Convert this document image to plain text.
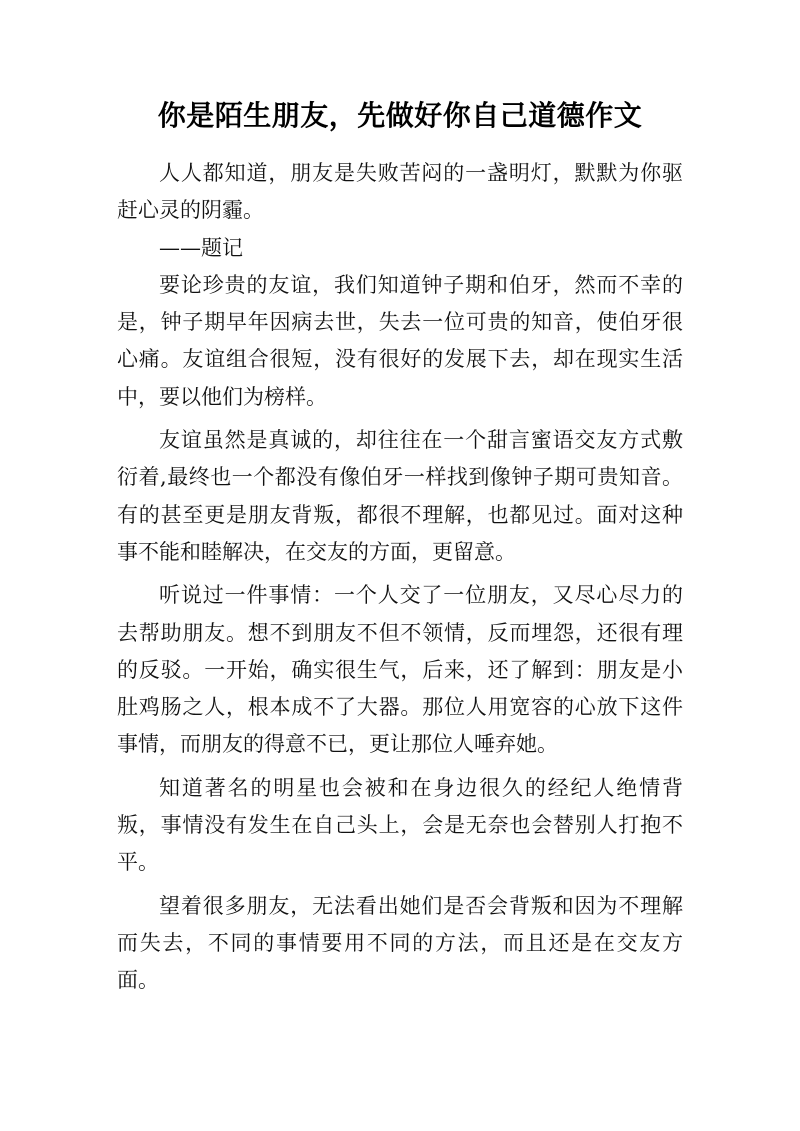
你是陌生朋友，先做好你自己道德作文

人人都知道，朋友是失败苦闷的一盏明灯，默默为你驱赶心灵的阴霾。

——题记

要论珍贵的友谊，我们知道钟子期和伯牙，然而不幸的是，钟子期早年因病去世，失去一位可贵的知音，使伯牙很心痛。友谊组合很短，没有很好的发展下去，却在现实生活中，要以他们为榜样。

友谊虽然是真诚的，却往往在一个甜言蜜语交友方式敷衍着,最终也一个都没有像伯牙一样找到像钟子期可贵知音。有的甚至更是朋友背叛，都很不理解，也都见过。面对这种事不能和睦解决，在交友的方面，更留意。

听说过一件事情：一个人交了一位朋友，又尽心尽力的去帮助朋友。想不到朋友不但不领情，反而埋怨，还很有理的反驳。一开始，确实很生气，后来，还了解到：朋友是小肚鸡肠之人，根本成不了大器。那位人用宽容的心放下这件事情，而朋友的得意不已，更让那位人唾弃她。

知道著名的明星也会被和在身边很久的经纪人绝情背叛，事情没有发生在自己头上，会是无奈也会替别人打抱不平。

望着很多朋友，无法看出她们是否会背叛和因为不理解而失去，不同的事情要用不同的方法，而且还是在交友方面。
